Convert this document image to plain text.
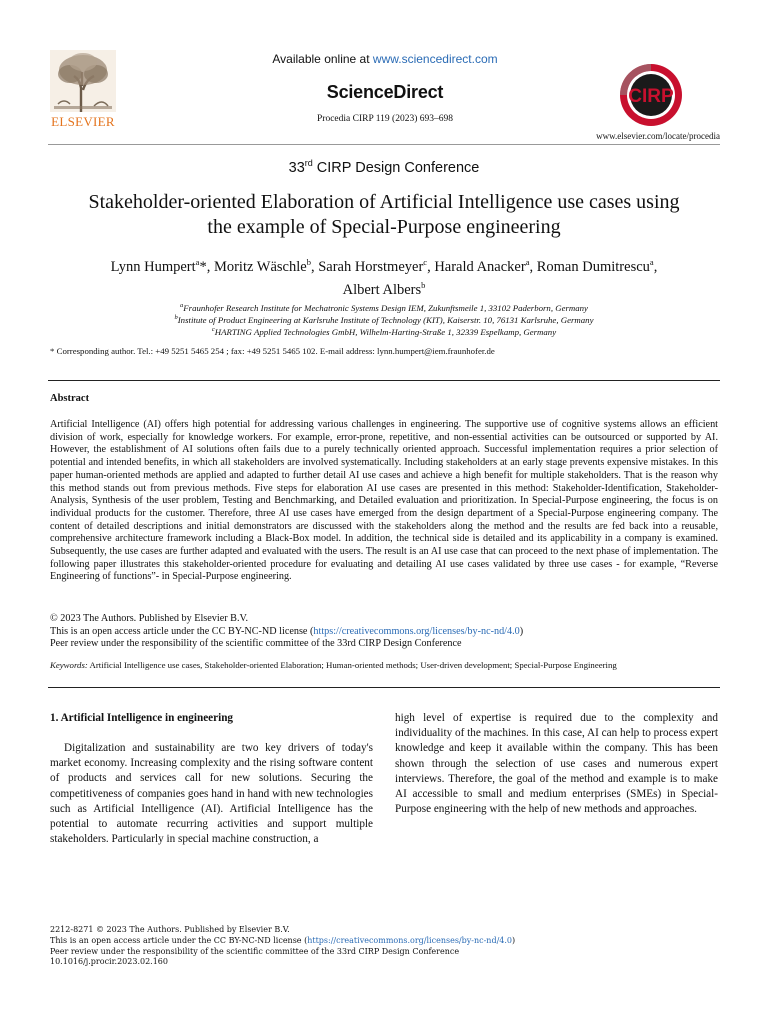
ELSEVIER
Available online at www.sciencedirect.com
ScienceDirect
Procedia CIRP 119 (2023) 693–698
CIRP
www.elsevier.com/locate/procedia
33rd CIRP Design Conference
Stakeholder-oriented Elaboration of Artificial Intelligence use cases using
the example of Special-Purpose engineering
Lynn Humpert$^a$*, Moritz Wäschle$^b$, Sarah Horstmeyer$^c$, Harald Anacker$^a$, Roman Dumitrescu$^a$,
Albert Albers$^b$
$^a$Fraunhofer Research Institute for Mechatronic Systems Design IEM, Zukunftsmeile 1, 33102 Paderborn, Germany
$^b$Institute of Product Engineering at Karlsruhe Institute of Technology (KIT), Kaiserstr. 10, 76131 Karlsruhe, Germany
$^c$HARTING Applied Technologies GmbH, Wilhelm-Harting-Straße 1, 32339 Espelkamp, Germany
* Corresponding author. Tel.: +49 5251 5465 254 ; fax: +49 5251 5465 102. E-mail address: lynn.humpert@iem.fraunhofer.de
Abstract

Artificial Intelligence (AI) offers high potential for addressing various challenges in engineering. The supportive use of cognitive systems allows an efficient division of work, especially for knowledge workers. For example, error-prone, repetitive, and non-essential activities can be outsourced or supported by AI. However, the establishment of AI solutions often fails due to a purely technically oriented approach. Successful implementation requires a prior selection of potential and intended benefits, in which all stakeholders are involved systematically. Including stakeholders at an early stage prevents expensive mistakes. In this paper human-oriented methods are applied and adapted to further detail AI use cases and achieve a high benefit for multiple stakeholders. That is the reason why this method stands out from previous methods. Five steps for elaboration AI use cases are presented in this method: Stakeholder-Identification, Stakeholder-Analysis, Synthesis of the user problem, Testing and Benchmarking, and Detailed evaluation and prioritization. In Special-Purpose engineering, the focus is on individual products for the customer. Therefore, three AI use cases have emerged from the design department of a Special-Purpose engineering company. The content of detailed descriptions and initial demonstrators are discussed with the stakeholders along the method and the results are fed back into a reusable, comprehensive architecture framework including a Black-Box model. In addition, the technical side is detailed and its applicability in a company is examined. Subsequently, the use cases are further adapted and evaluated with the users. The result is an AI use case that can proceed to the next phase of implementation. The following paper illustrates this stakeholder-oriented procedure for evaluating and detailing AI use cases validated by three use cases - for example, “Reverse Engineering of functions”- in Special-Purpose engineering.

© 2023 The Authors. Published by Elsevier B.V.
This is an open access article under the CC BY-NC-ND license (https://creativecommons.org/licenses/by-nc-nd/4.0)
Peer review under the responsibility of the scientific committee of the 33rd CIRP Design Conference
Keywords: Artificial Intelligence use cases, Stakeholder-oriented Elaboration; Human-oriented methods; User-driven development; Special-Purpose Engineering
1. Artificial Intelligence in engineering

Digitalization and sustainability are two key drivers of today's market economy. Increasing complexity and the rising software content of products and services call for new solutions. Securing the competitiveness of companies goes hand in hand with new technologies such as Artificial Intelligence (AI). Artificial Intelligence has the potential to automate recurring activities and support multiple stakeholders. Particularly in special machine construction, a

high level of expertise is required due to the complexity and individuality of the machines. In this case, AI can help to process expert knowledge and keep it available within the company. This has been shown through the selection of use cases and numerous expert interviews. Therefore, the goal of the method and example is to make AI accessible to small and medium enterprises (SMEs) in Special-Purpose engineering with the help of new methods and approaches.

2212-8271 © 2023 The Authors. Published by Elsevier B.V.
This is an open access article under the CC BY-NC-ND license (https://creativecommons.org/licenses/by-nc-nd/4.0)
Peer review under the responsibility of the scientific committee of the 33rd CIRP Design Conference
10.1016/j.procir.2023.02.160
